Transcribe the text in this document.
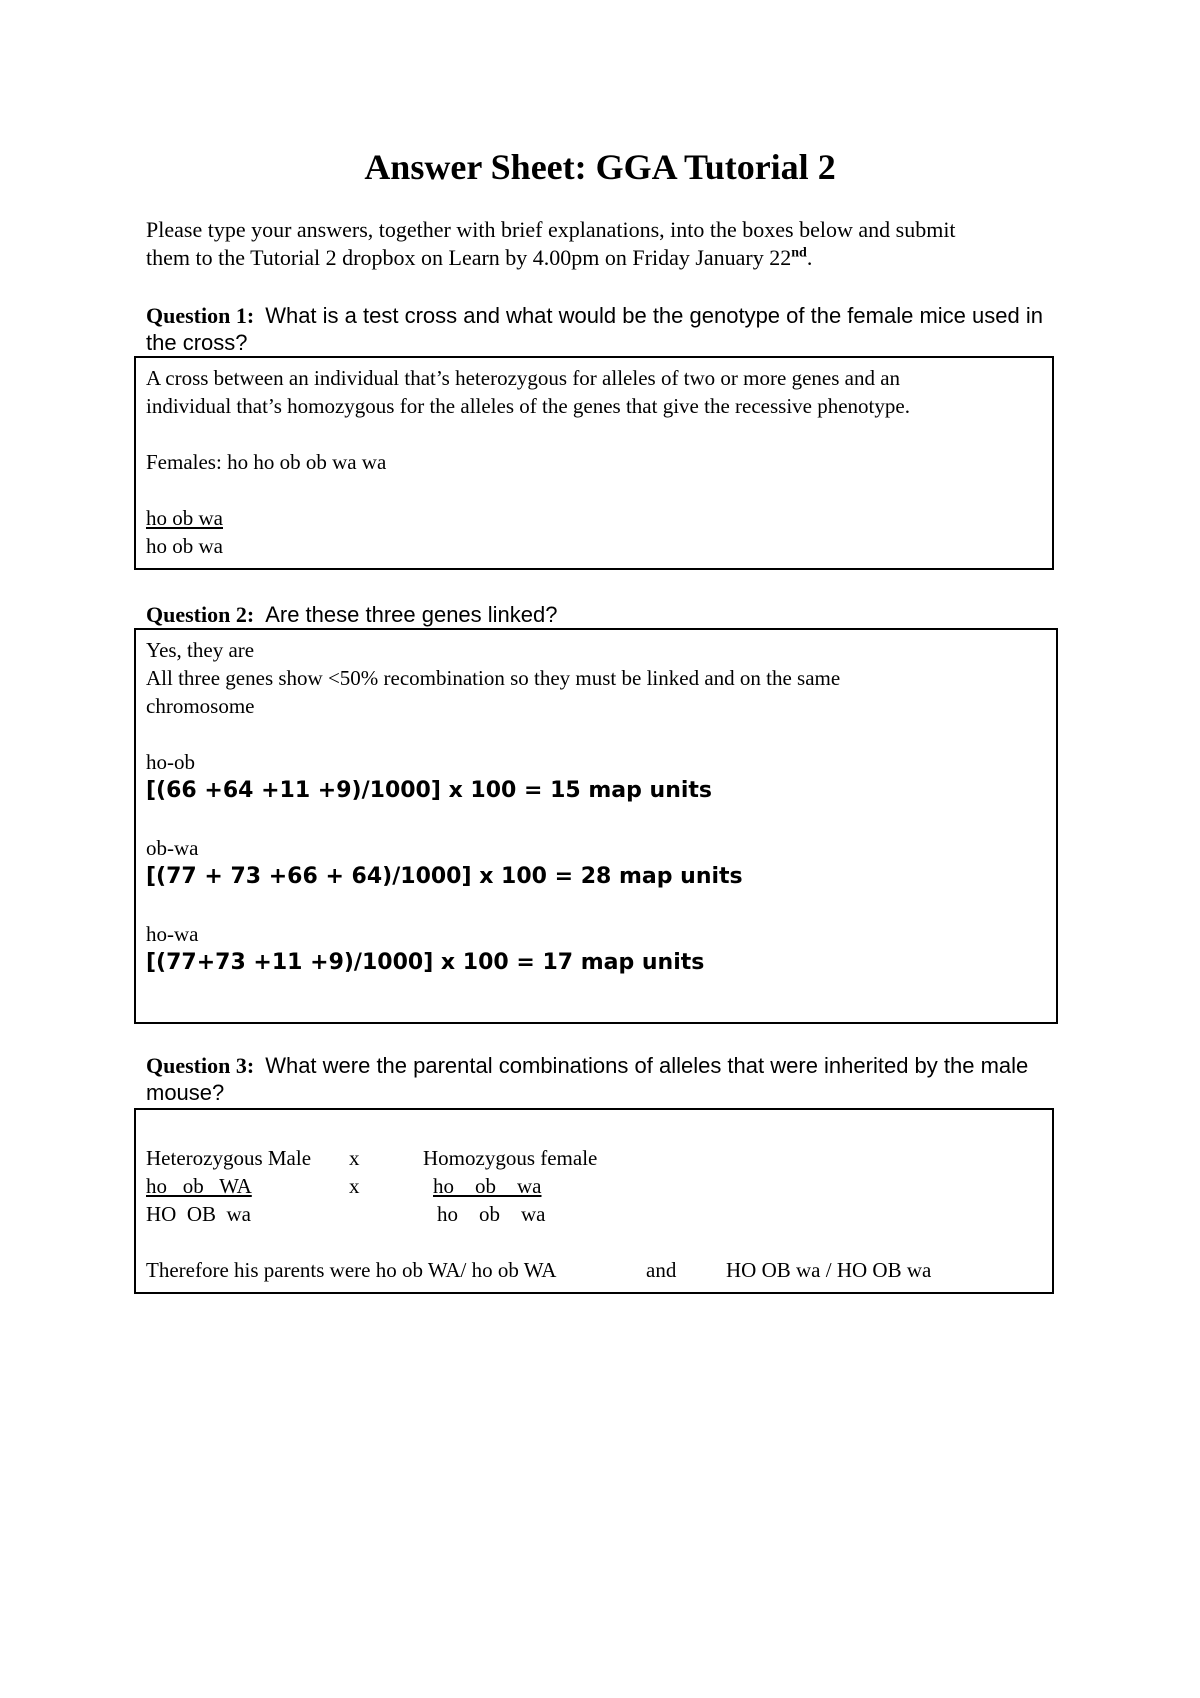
Answer Sheet: GGA Tutorial 2
Please type your answers, together with brief explanations, into the boxes below and submit
them to the Tutorial 2 dropbox on Learn by 4.00pm on Friday January 22nd.
Question 1: What is a test cross and what would be the genotype of the female mice used in the cross?
A cross between an individual that’s heterozygous for alleles of two or more genes and an
individual that’s homozygous for the alleles of the genes that give the recessive phenotype.
Females: ho ho ob ob wa wa
ho ob wa
ho ob wa
Question 2: Are these three genes linked?
Yes, they are
All three genes show <50% recombination so they must be linked and on the same
chromosome
ho-ob
[(66 +64 +11 +9)/1000] x 100 = 15 map units
ob-wa
[(77 + 73 +66 + 64)/1000] x 100 = 28 map units
ho-wa
[(77+73 +11 +9)/1000] x 100 = 17 map units
Question 3: What were the parental combinations of alleles that were inherited by the male mouse?
Heterozygous Male x	Homozygous female
ho   ob   WA	x	ho    ob    wa
HO  OB  wa	ho    ob    wa
Therefore his parents were ho ob WA/ ho ob WA	and HO OB wa / HO OB wa
